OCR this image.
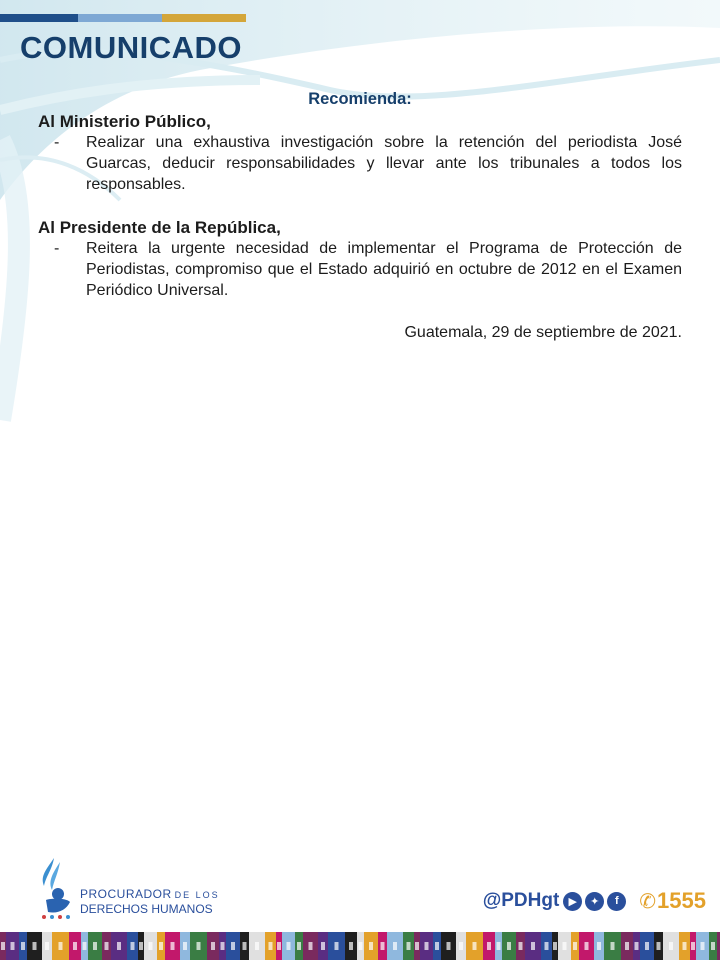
COMUNICADO
Recomienda:
Al Ministerio Público,
- Realizar una exhaustiva investigación sobre la retención del periodista José Guarcas, deducir responsabilidades y llevar ante los tribunales a todos los responsables.
Al Presidente de la República,
- Reitera la urgente necesidad de implementar el Programa de Protección de Periodistas, compromiso que el Estado adquirió en octubre de 2012 en el Examen Periódico Universal.
Guatemala, 29 de septiembre de 2021.
PROCURADOR DE LOS
DERECHOS HUMANOS	@PDHgt ▶	✦	f	✆1555
